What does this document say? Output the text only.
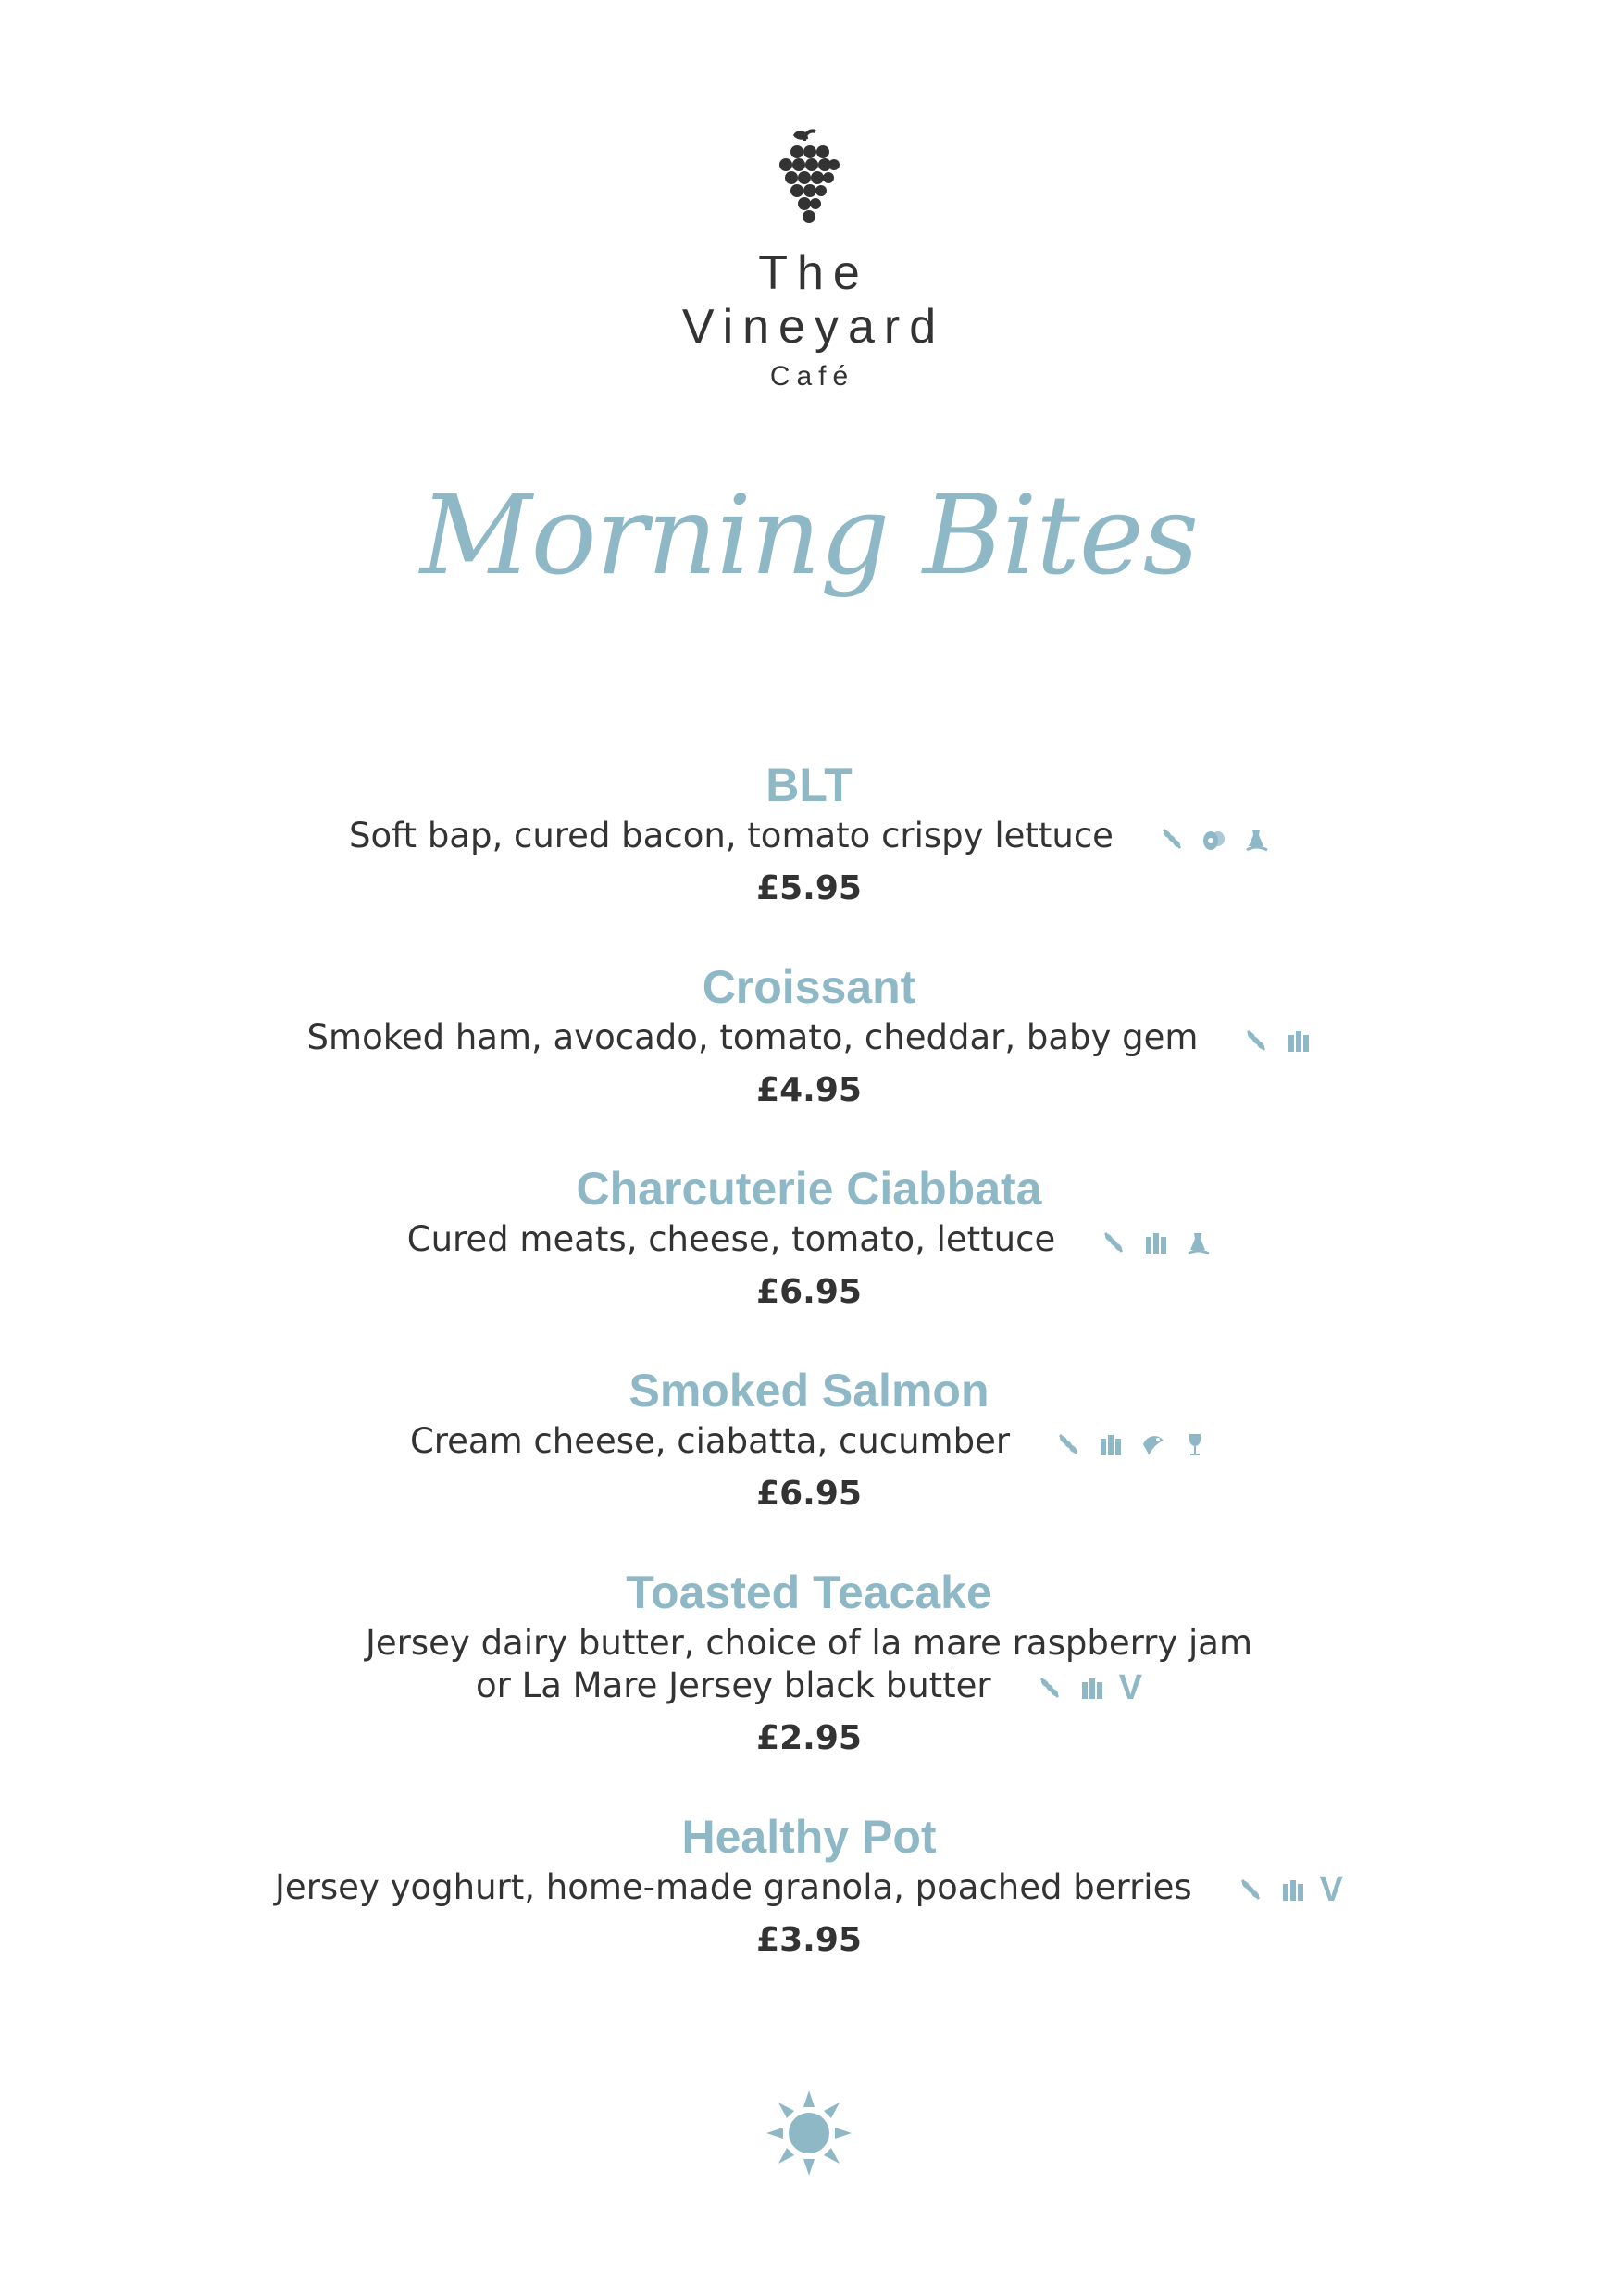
The
Vineyard
Café
Morning Bites
BLT
Soft bap, cured bacon, tomato crispy lettuce
£5.95
Croissant
Smoked ham, avocado, tomato, cheddar, baby gem
£4.95
Charcuterie Ciabbata
Cured meats, cheese, tomato, lettuce
£6.95
Smoked Salmon
Cream cheese, ciabatta, cucumber
£6.95
Toasted Teacake
Jersey dairy butter, choice of la mare raspberry jam
or La Mare Jersey black butter	V
£2.95
Healthy Pot
Jersey yoghurt, home-made granola, poached berries	V
£3.95
